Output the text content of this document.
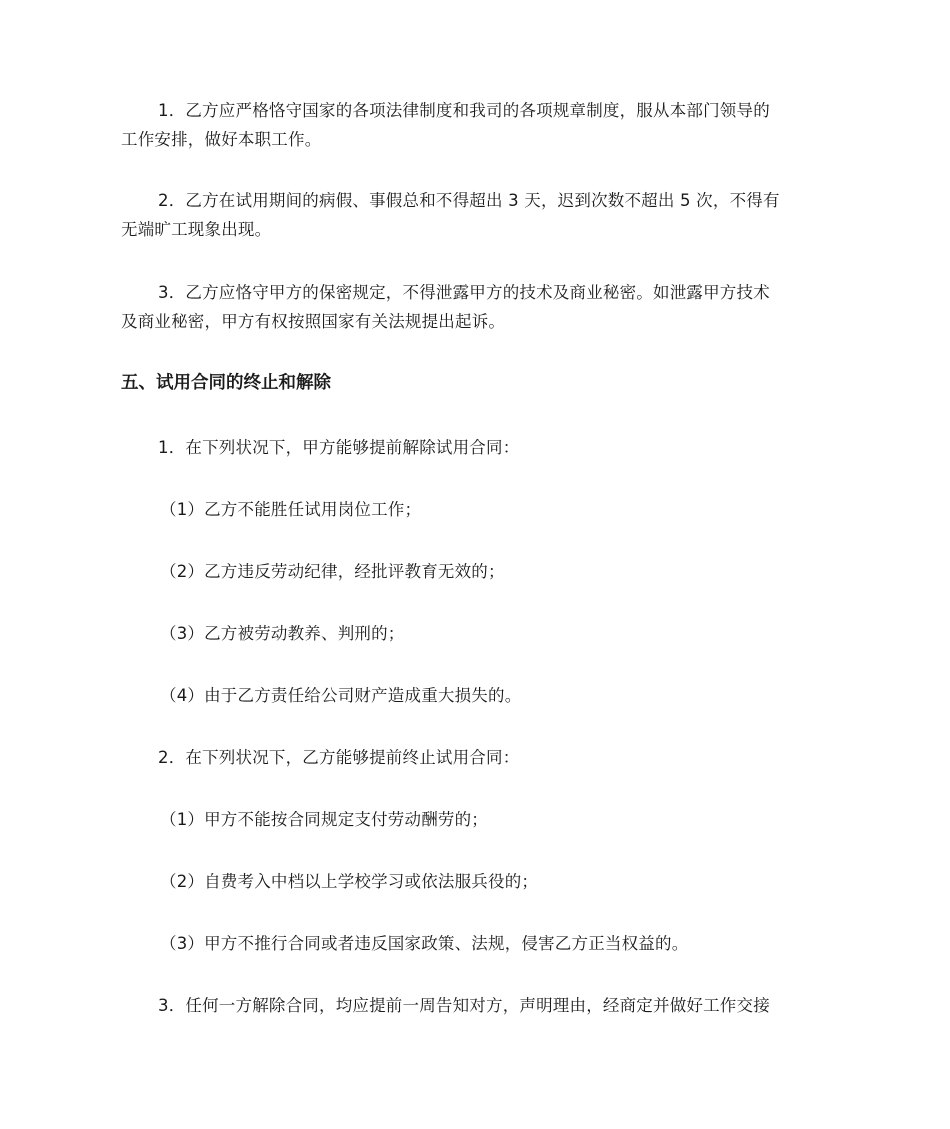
1．乙方应严格恪守国家的各项法律制度和我司的各项规章制度，服从本部门领导的
工作安排，做好本职工作。
2．乙方在试用期间的病假、事假总和不得超出 3 天，迟到次数不超出 5 次，不得有
无端旷工现象出现。
3．乙方应恪守甲方的保密规定，不得泄露甲方的技术及商业秘密。如泄露甲方技术
及商业秘密，甲方有权按照国家有关法规提出起诉。
五、试用合同的终止和解除
1．在下列状况下，甲方能够提前解除试用合同：
（1）乙方不能胜任试用岗位工作；
（2）乙方违反劳动纪律，经批评教育无效的；
（3）乙方被劳动教养、判刑的；
（4）由于乙方责任给公司财产造成重大损失的。
2．在下列状况下，乙方能够提前终止试用合同：
（1）甲方不能按合同规定支付劳动酬劳的；
（2）自费考入中档以上学校学习或依法服兵役的；
（3）甲方不推行合同或者违反国家政策、法规，侵害乙方正当权益的。
3．任何一方解除合同，均应提前一周告知对方，声明理由，经商定并做好工作交接
